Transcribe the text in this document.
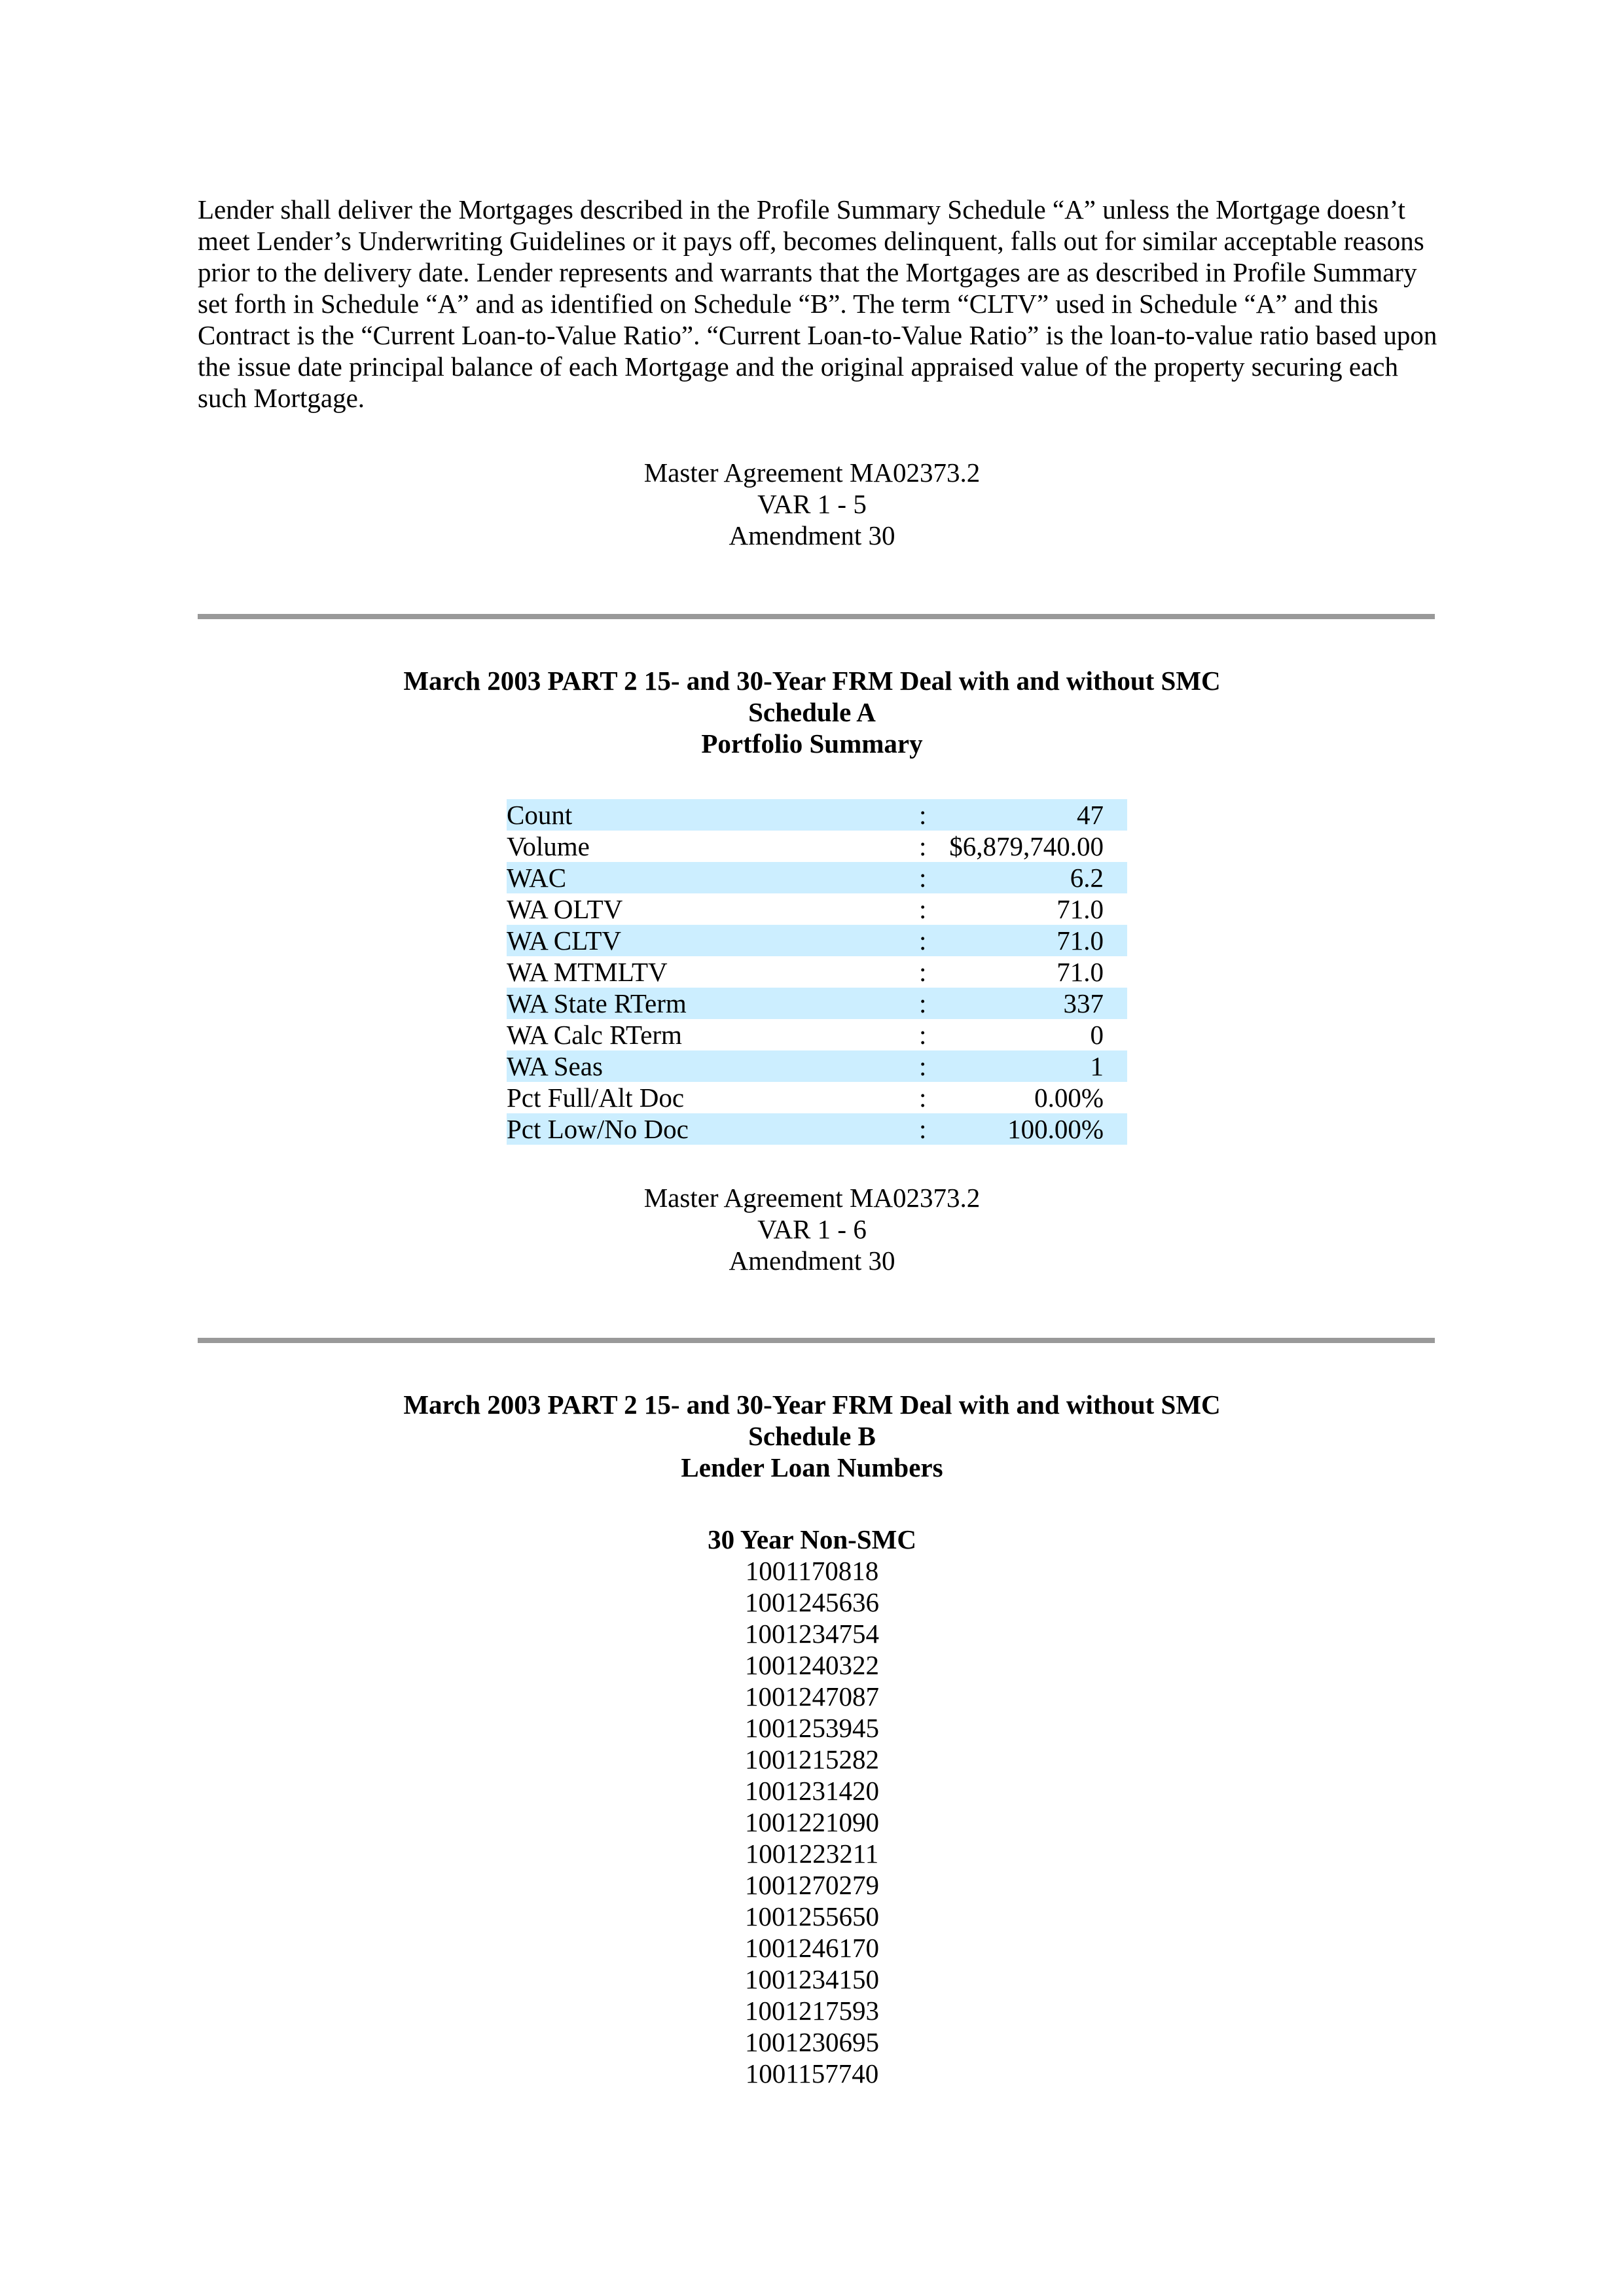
Lender shall deliver the Mortgages described in the Profile Summary Schedule “A” unless the Mortgage doesn’t meet Lender’s Underwriting Guidelines or it pays off, becomes delinquent, falls out for similar acceptable reasons prior to the delivery date. Lender represents and warrants that the Mortgages are as described in Profile Summary set forth in Schedule “A” and as identified on Schedule “B”. The term “CLTV” used in Schedule “A” and this Contract is the “Current Loan-to-Value Ratio”. “Current Loan-to-Value Ratio” is the loan-to-value ratio based upon the issue date principal balance of each Mortgage and the original appraised value of the property securing each such Mortgage.

Master Agreement MA02373.2
VAR 1 - 5
Amendment 30
March 2003 PART 2 15- and 30-Year FRM Deal with and without SMC
Schedule A
Portfolio Summary
Count	:	47
Volume	:	$6,879,740.00
WAC	:	6.2
WA OLTV	:	71.0
WA CLTV	:	71.0
WA MTMLTV	:	71.0
WA State RTerm	:	337
WA Calc RTerm	:	0
WA Seas	:	1
Pct Full/Alt Doc	:	0.00%
Pct Low/No Doc	:	100.00%
Master Agreement MA02373.2
VAR 1 - 6
Amendment 30
March 2003 PART 2 15- and 30-Year FRM Deal with and without SMC
Schedule B
Lender Loan Numbers
30 Year Non-SMC
1001170818
1001245636
1001234754
1001240322
1001247087
1001253945
1001215282
1001231420
1001221090
1001223211
1001270279
1001255650
1001246170
1001234150
1001217593
1001230695
1001157740
